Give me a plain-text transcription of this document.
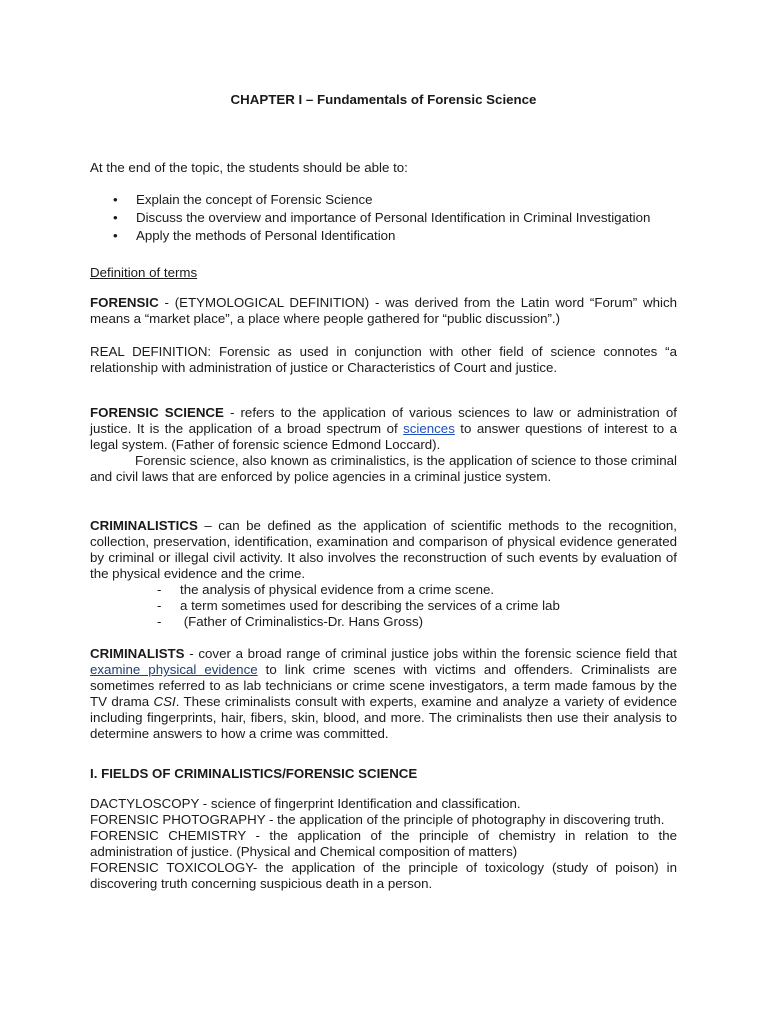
CHAPTER I – Fundamentals of Forensic Science

At the end of the topic, the students should be able to:

• Explain the concept of Forensic Science
• Discuss the overview and importance of Personal Identification in Criminal Investigation
• Apply the methods of Personal Identification

Definition of terms

FORENSIC - (ETYMOLOGICAL DEFINITION) - was derived from the Latin word “Forum” which means a “market place”, a place where people gathered for “public discussion”.)

REAL DEFINITION: Forensic as used in conjunction with other field of science connotes “a relationship with administration of justice or Characteristics of Court and justice.

FORENSIC SCIENCE - refers to the application of various sciences to law or administration of justice. It is the application of a broad spectrum of sciences to answer questions of interest to a legal system. (Father of forensic science Edmond Loccard).

Forensic science, also known as criminalistics, is the application of science to those criminal and civil laws that are enforced by police agencies in a criminal justice system.

CRIMINALISTICS – can be defined as the application of scientific methods to the recognition, collection, preservation, identification, examination and comparison of physical evidence generated by criminal or illegal civil activity. It also involves the reconstruction of such events by evaluation of the physical evidence and the crime.

- the analysis of physical evidence from a crime scene.
- a term sometimes used for describing the services of a crime lab
- (Father of Criminalistics-Dr. Hans Gross)

CRIMINALISTS - cover a broad range of criminal justice jobs within the forensic science field that examine physical evidence to link crime scenes with victims and offenders. Criminalists are sometimes referred to as lab technicians or crime scene investigators, a term made famous by the TV drama CSI. These criminalists consult with experts, examine and analyze a variety of evidence including fingerprints, hair, fibers, skin, blood, and more. The criminalists then use their analysis to determine answers to how a crime was committed.

I. FIELDS OF CRIMINALISTICS/FORENSIC SCIENCE

DACTYLOSCOPY - science of fingerprint Identification and classification.

FORENSIC PHOTOGRAPHY - the application of the principle of photography in discovering truth.

FORENSIC CHEMISTRY - the application of the principle of chemistry in relation to the administration of justice. (Physical and Chemical composition of matters)

FORENSIC TOXICOLOGY- the application of the principle of toxicology (study of poison) in discovering truth concerning suspicious death in a person.
